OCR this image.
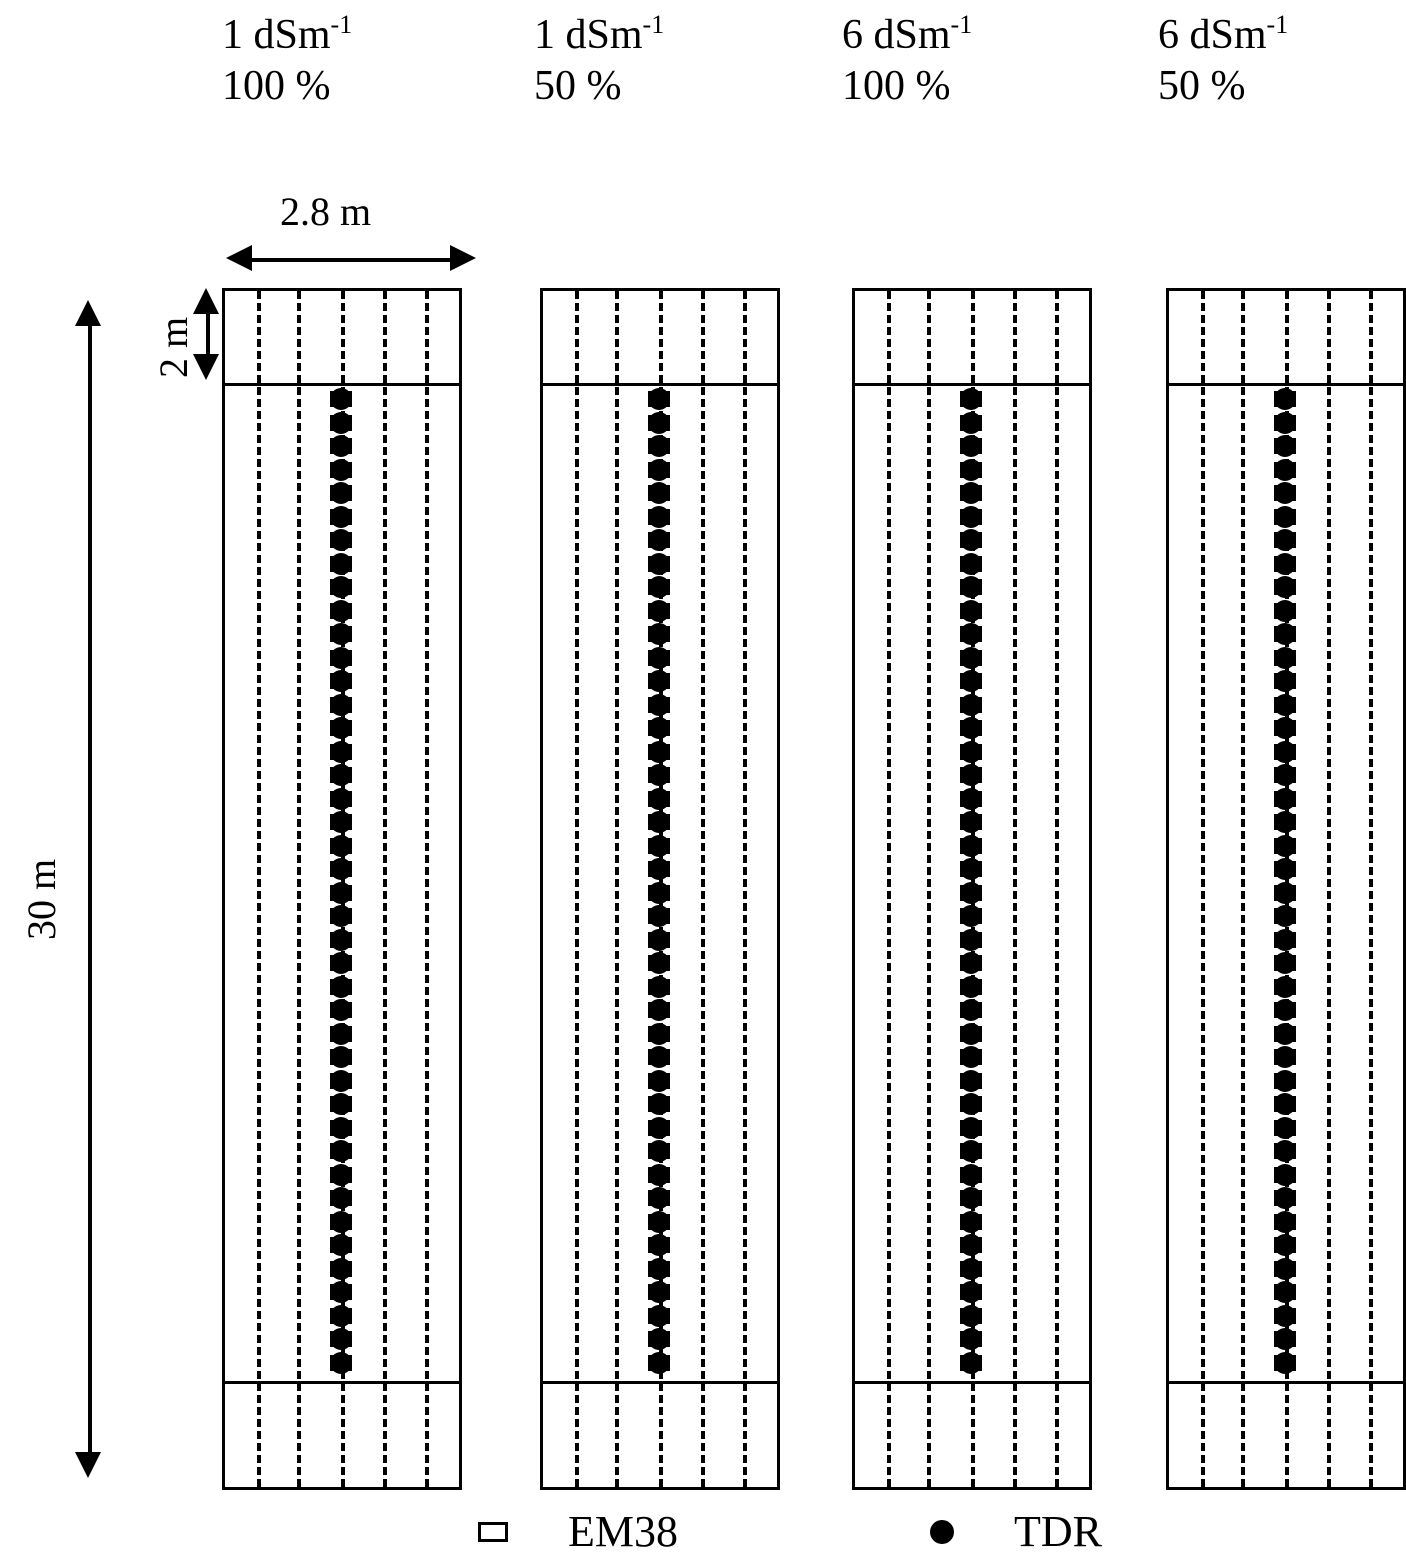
1 dSm$^{-1}$
100 %
1 dSm$^{-1}$
50 %
6 dSm$^{-1}$
100 %
6 dSm$^{-1}$
50 %
2.8 m
2 m
30 m
EM38	TDR
